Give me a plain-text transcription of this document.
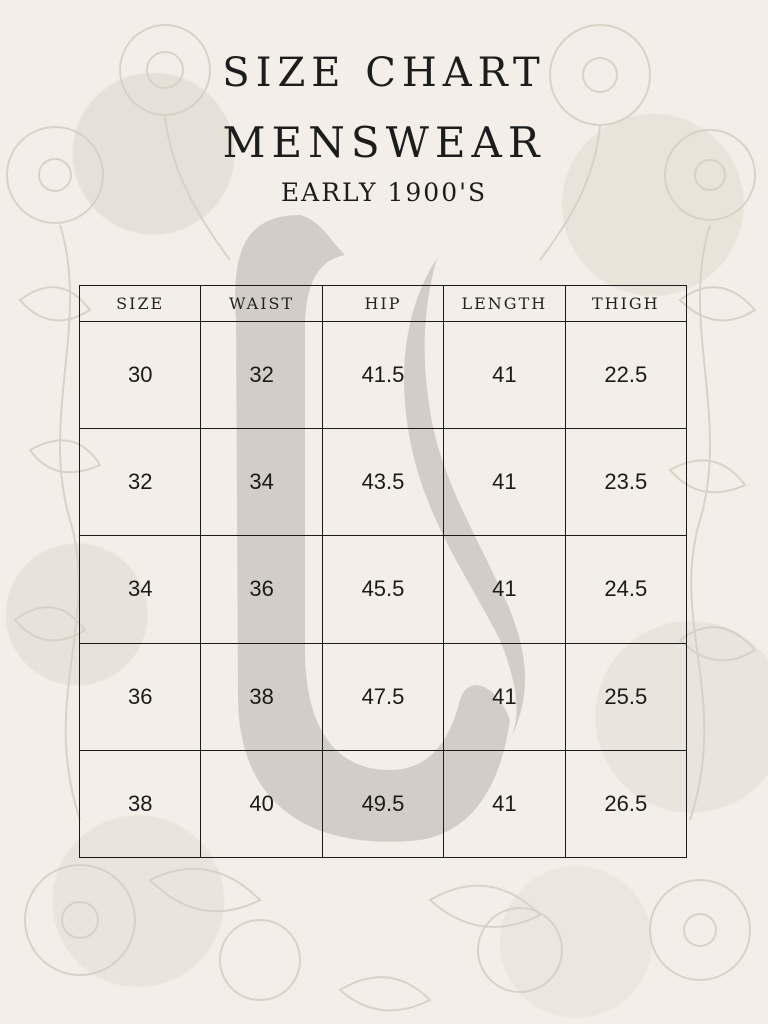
SIZE CHART
MENSWEAR
EARLY 1900'S
SIZE	WAIST	HIP	LENGTH	THIGH
30	32	41.5	41	22.5
32	34	43.5	41	23.5
34	36	45.5	41	24.5
36	38	47.5	41	25.5
38	40	49.5	41	26.5
